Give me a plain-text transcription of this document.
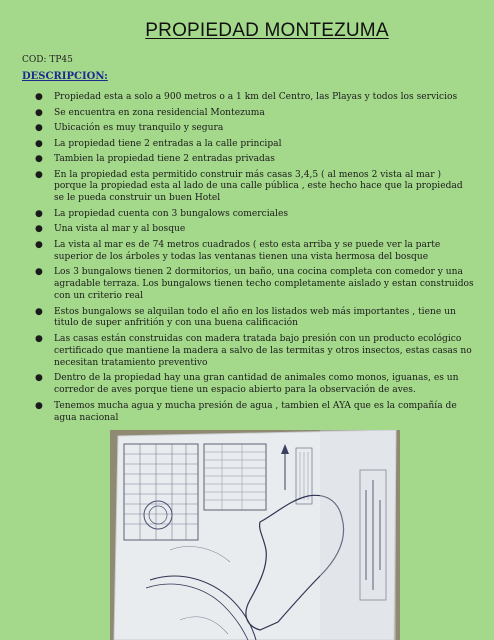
PROPIEDAD MONTEZUMA
COD: TP45
DESCRIPCION:
● Propiedad esta a solo a 900 metros o a 1 km del Centro, las Playas y todos los servicios
● Se encuentra en zona residencial Montezuma
● Ubicación es muy tranquilo y segura
● La propiedad tiene 2 entradas a la calle principal
● Tambien la propiedad tiene 2 entradas privadas
● En la propiedad esta permitido construir más casas 3,4,5 ( al menos 2 vista al mar ) porque la propiedad esta al lado de una calle pública , este hecho hace que la propiedad se le pueda construir un buen Hotel
● La propiedad cuenta con 3 bungalows comerciales
● Una vista al mar y al bosque
● La vista al mar es de 74 metros cuadrados ( esto esta arriba y se puede ver la parte superior de los árboles y todas las ventanas tienen una vista hermosa del bosque
● Los 3 bungalows tienen 2 dormitorios, un baño, una cocina completa con comedor y una agradable terraza. Los bungalows tienen techo completamente aislado y estan construidos con un criterio real
● Estos bungalows se alquilan todo el año en los listados web más importantes , tiene un titulo de super anfritión y con una buena calificación
● Las casas están construidas con madera tratada bajo presión con un producto ecológico certificado que mantiene la madera a salvo de las termitas y otros insectos, estas casas no necesitan tratamiento preventivo
● Dentro de la propiedad hay una gran cantidad de animales como monos, iguanas, es un corredor de aves porque tiene un espacio abierto para la observación de aves.
● Tenemos mucha agua y mucha presión de agua , tambien el AYA que es la compañía de agua nacional
